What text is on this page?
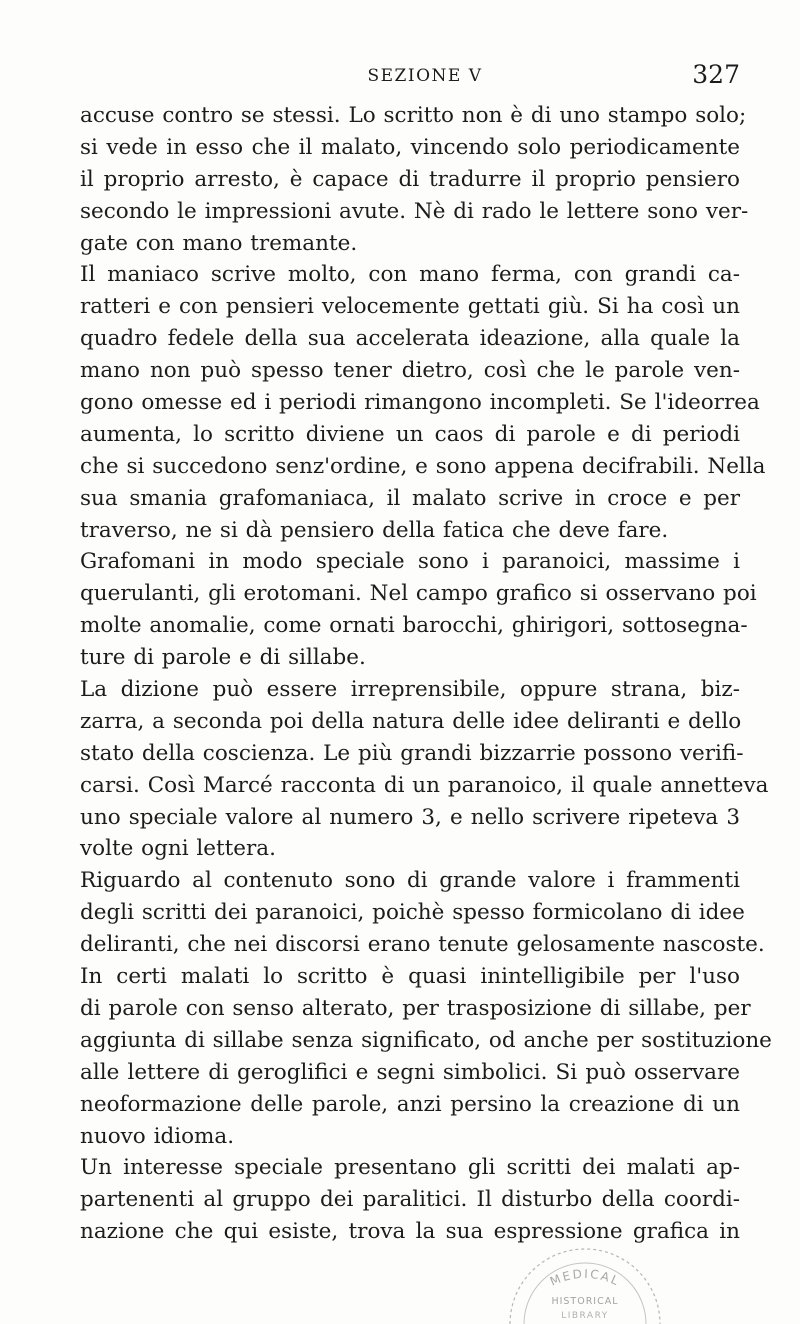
SEZIONE V	327
accuse contro se stessi. Lo scritto non è di uno stampo solo;
si vede in esso che il malato, vincendo solo periodicamente
il proprio arresto, è capace di tradurre il proprio pensiero
secondo le impressioni avute. Nè di rado le lettere sono ver-
gate con mano tremante.
Il maniaco scrive molto, con mano ferma, con grandi ca-
ratteri e con pensieri velocemente gettati giù. Si ha così un
quadro fedele della sua accelerata ideazione, alla quale la
mano non può spesso tener dietro, così che le parole ven-
gono omesse ed i periodi rimangono incompleti. Se l'ideorrea
aumenta, lo scritto diviene un caos di parole e di periodi
che si succedono senz'ordine, e sono appena decifrabili. Nella
sua smania grafomaniaca, il malato scrive in croce e per
traverso, ne si dà pensiero della fatica che deve fare.
Grafomani in modo speciale sono i paranoici, massime i
querulanti, gli erotomani. Nel campo grafico si osservano poi
molte anomalie, come ornati barocchi, ghirigori, sottosegna-
ture di parole e di sillabe.
La dizione può essere irreprensibile, oppure strana, biz-
zarra, a seconda poi della natura delle idee deliranti e dello
stato della coscienza. Le più grandi bizzarrie possono verifi-
carsi. Così Marcé racconta di un paranoico, il quale annetteva
uno speciale valore al numero 3, e nello scrivere ripeteva 3
volte ogni lettera.
Riguardo al contenuto sono di grande valore i frammenti
degli scritti dei paranoici, poichè spesso formicolano di idee
deliranti, che nei discorsi erano tenute gelosamente nascoste.
In certi malati lo scritto è quasi inintelligibile per l'uso
di parole con senso alterato, per trasposizione di sillabe, per
aggiunta di sillabe senza significato, od anche per sostituzione
alle lettere di geroglifici e segni simbolici. Si può osservare
neoformazione delle parole, anzi persino la creazione di un
nuovo idioma.
Un interesse speciale presentano gli scritti dei malati ap-
partenenti al gruppo dei paralitici. Il disturbo della coordi-
nazione che qui esiste, trova la sua espressione grafica in
MEDICAL
HISTORICAL
LIBRARY
